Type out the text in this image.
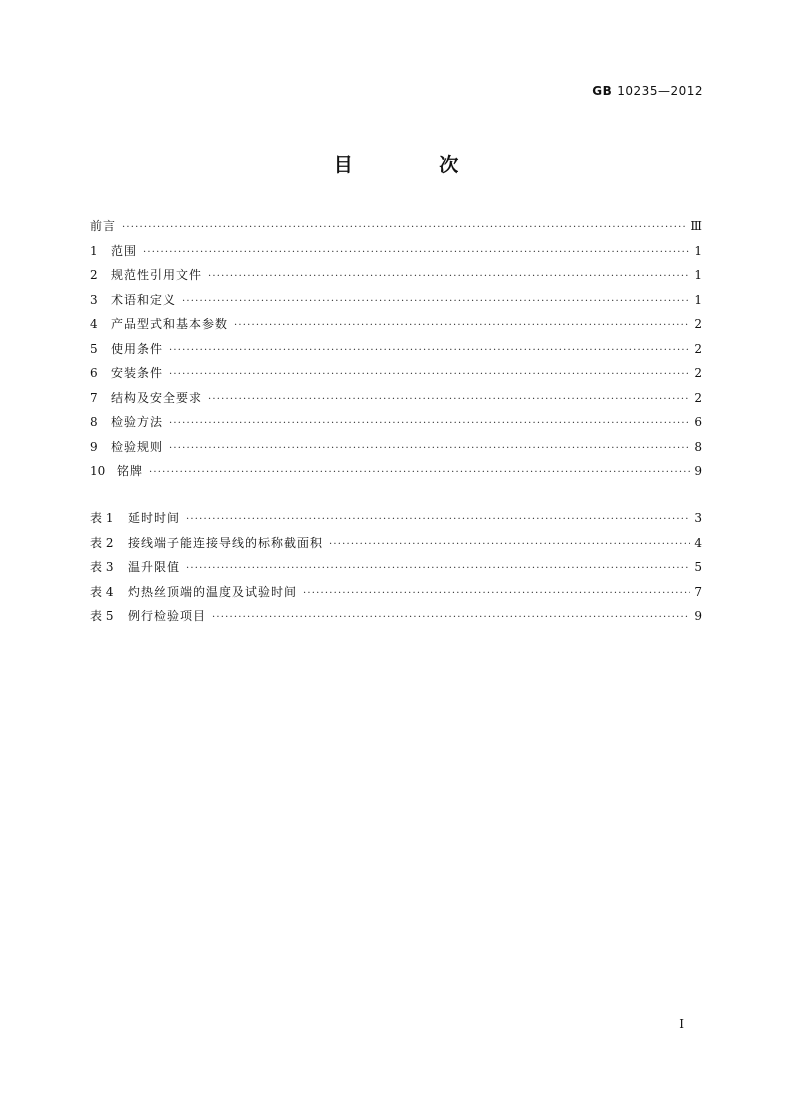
GB 10235—2012
目 次
前言 ·····	Ⅲ
1	范围 ·····	1
2	规范性引用文件 ·····	1
3	术语和定义 ·····	1
4	产品型式和基本参数 ·····	2
5	使用条件 ·····	2
6	安装条件 ·····	2
7	结构及安全要求 ·····	2
8	检验方法 ·····	6
9	检验规则 ·····	8
10 铭牌 ·····	9
表 1	延时时间 ·····	3
表 2	接线端子能连接导线的标称截面积 ·····	4
表 3	温升限值 ·····	5
表 4	灼热丝顶端的温度及试验时间 ·····	7
表 5	例行检验项目 ·····	9
I
